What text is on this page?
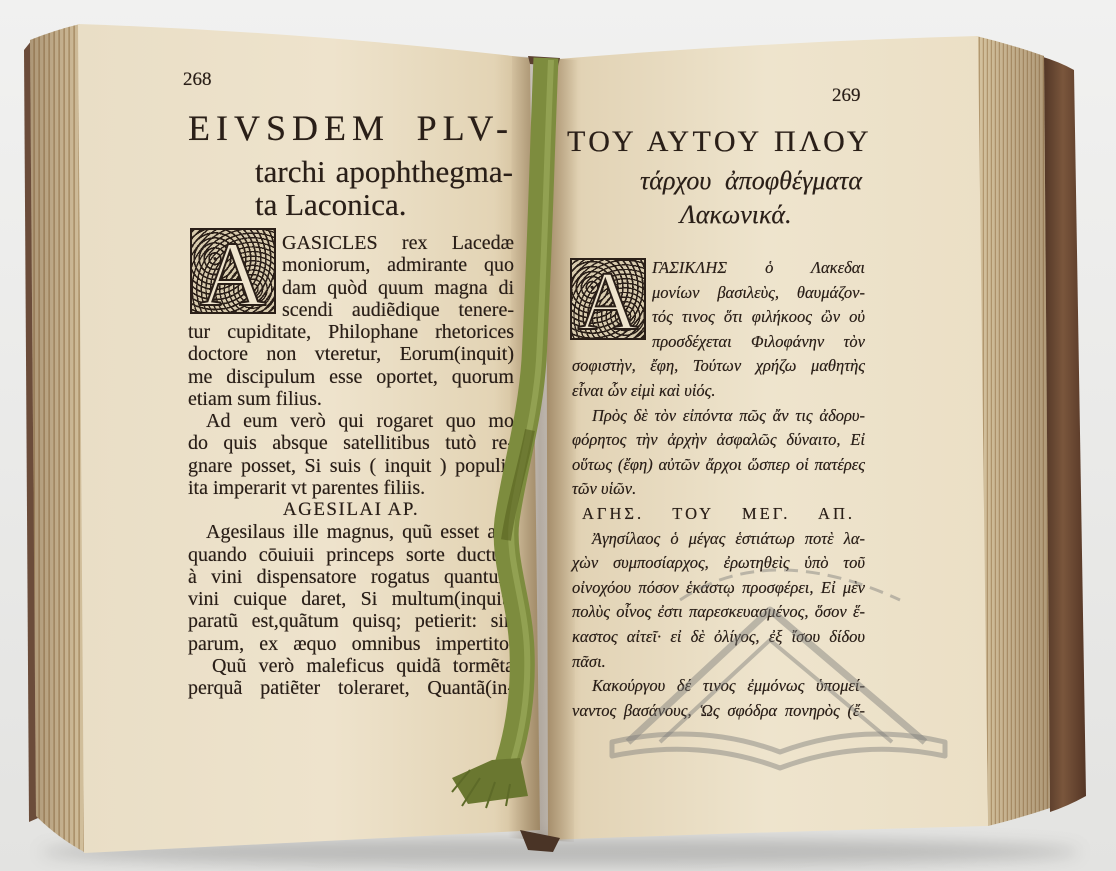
268
EIVSDEM PLV-
tarchi apophthegma-
ta Laconica.
A GASICLES rex Lacedæ
moniorum, admirante quo
dam quòd quum magna di
scendi audiẽdique tenere-
tur cupiditate, Philophane rhetorices
doctore non vteretur, Eorum(inquit)
me discipulum esse oportet, quorum
etiam sum filius.
Ad eum verò qui rogaret quo mo
do quis absque satellitibus tutò re-
gnare posset, Si suis ( inquit ) populis
ita imperarit vt parentes filiis.
AGESILAI AP.
Agesilaus ille magnus, quũ esset ali-
quando cōuiuii princeps sorte ductus,
à vini dispensatore rogatus quantum
vini cuique daret, Si multum(inquit)
paratũ est,quãtum quisq; petierit: sin
parum, ex æquo omnibus impertito.
Quũ verò maleficus quidã tormẽta
perquã patiẽter toleraret, Quantã(in-
269
ΤΟΥ ΑΥΤΟΥ ΠΛΟΥ
τάρχου ἀποφθέγματα
Λακωνικά.
Α ΓΑΣΙΚΛΗΣ ὁ Λακεδαι
μονίων βασιλεὺς, θαυμάζον-
τός τινος ὅτι φιλήκοος ὢν οὐ
προσδέχεται Φιλοφάνην τὸν
σοφιστὴν, ἔφη, Τούτων χρήζω μαθητὴς
εἶναι ὧν εἰμὶ καὶ υἱός.
Πρὸς δὲ τὸν εἰπόντα πῶς ἄν τις ἀδορυ-
φόρητος τὴν ἀρχὴν ἀσφαλῶς δύναιτο, Εἰ
οὕτως (ἔφη) αὐτῶν ἄρχοι ὥσπερ οἱ πατέρες
τῶν υἱῶν.
ΑΓΗΣ. ΤΟΥ ΜΕΓ. ΑΠ.
Ἀγησίλαος ὁ μέγας ἑστιάτωρ ποτὲ λα-
χὼν συμποσίαρχος, ἐρωτηθεὶς ὑπὸ τοῦ
οἰνοχόου πόσον ἑκάστῳ προσφέρει, Εἰ μὲν
πολὺς οἶνος ἐστι παρεσκευασμένος, ὅσον ἕ-
καστος αἰτεῖ· εἰ δὲ ὀλίγος, ἐξ ἴσου δίδου
πᾶσι.
Κακούργου δέ τινος ἐμμόνως ὑπομεί-
ναντος βασάνους, Ὡς σφόδρα πονηρὸς (ἔ-
